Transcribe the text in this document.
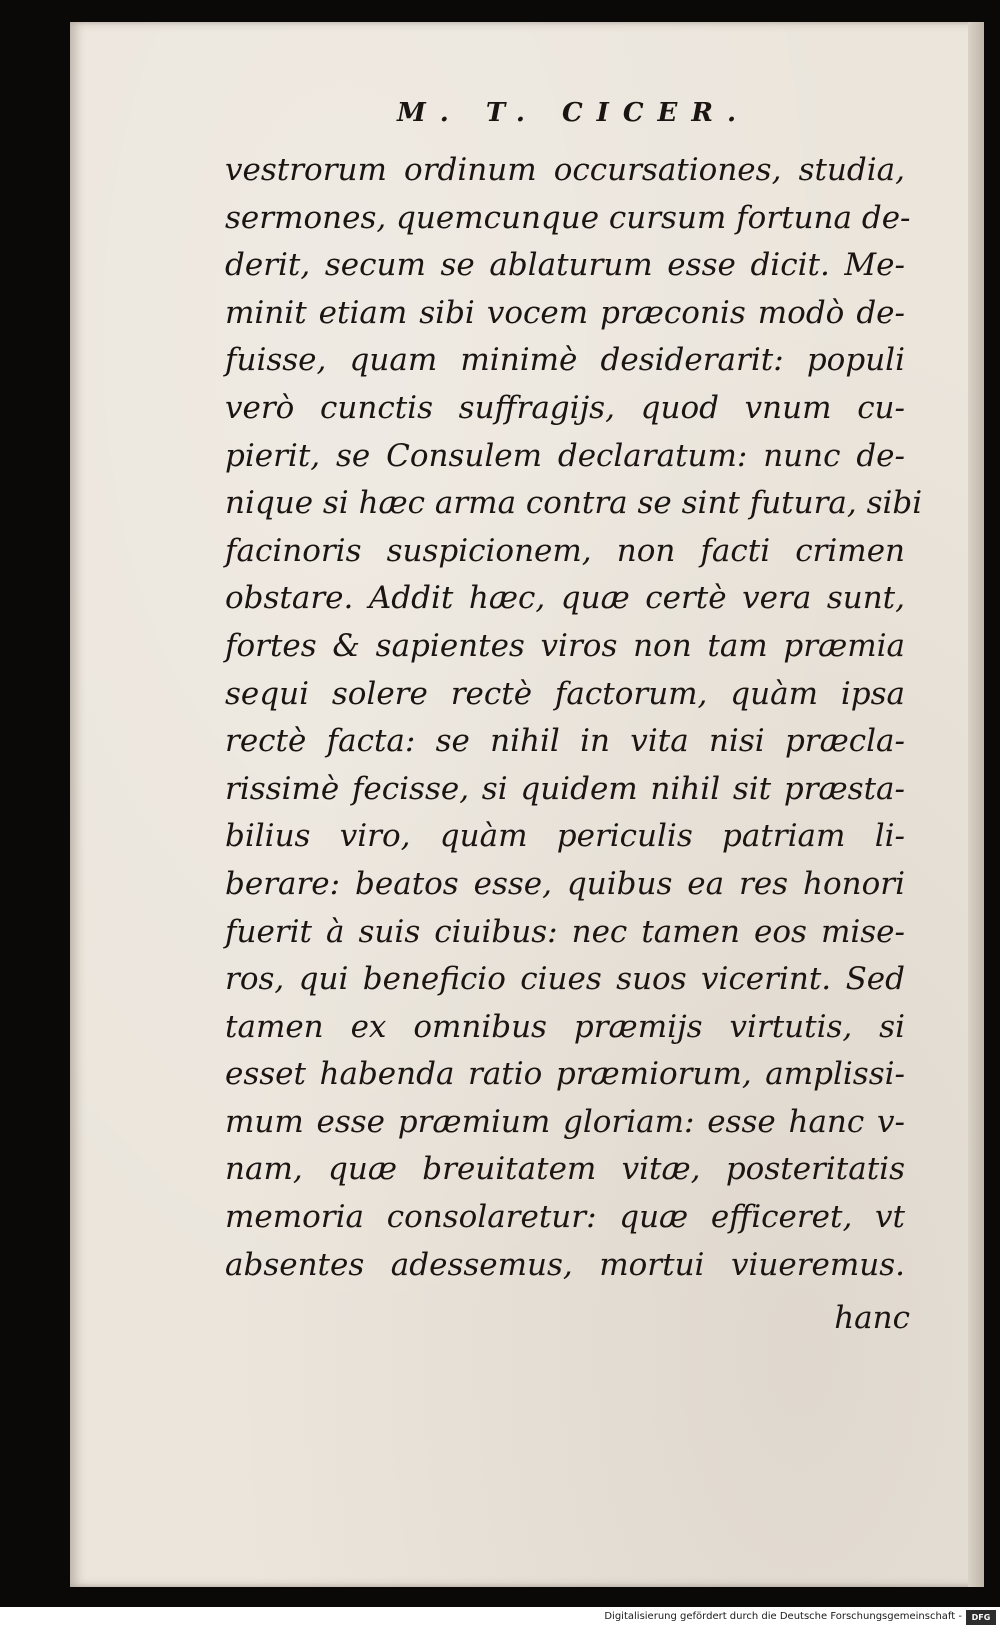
M. T. CICER.
vestrorum ordinum occursationes, studia,
sermones, quemcunque cursum fortuna de-
derit, secum se ablaturum esse dicit. Me-
minit etiam sibi vocem præconis modò de-
fuisse, quam minimè desiderarit: populi
verò cunctis suffragijs, quod vnum cu-
pierit, se Consulem declaratum: nunc de-
nique si hæc arma contra se sint futura, sibi
facinoris suspicionem, non facti crimen
obstare. Addit hæc, quæ certè vera sunt,
fortes & sapientes viros non tam præmia
sequi solere rectè factorum, quàm ipsa
rectè facta: se nihil in vita nisi præcla-
rissimè fecisse, si quidem nihil sit præsta-
bilius viro, quàm periculis patriam li-
berare: beatos esse, quibus ea res honori
fuerit à suis ciuibus: nec tamen eos mise-
ros, qui beneficio ciues suos vicerint. Sed
tamen ex omnibus præmijs virtutis, si
esset habenda ratio præmiorum, amplissi-
mum esse præmium gloriam: esse hanc v-
nam, quæ breuitatem vitæ, posteritatis
memoria consolaretur: quæ efficeret, vt
absentes adessemus, mortui viueremus.
hanc
Digitalisierung gefördert durch die Deutsche Forschungsgemeinschaft -	DFG
